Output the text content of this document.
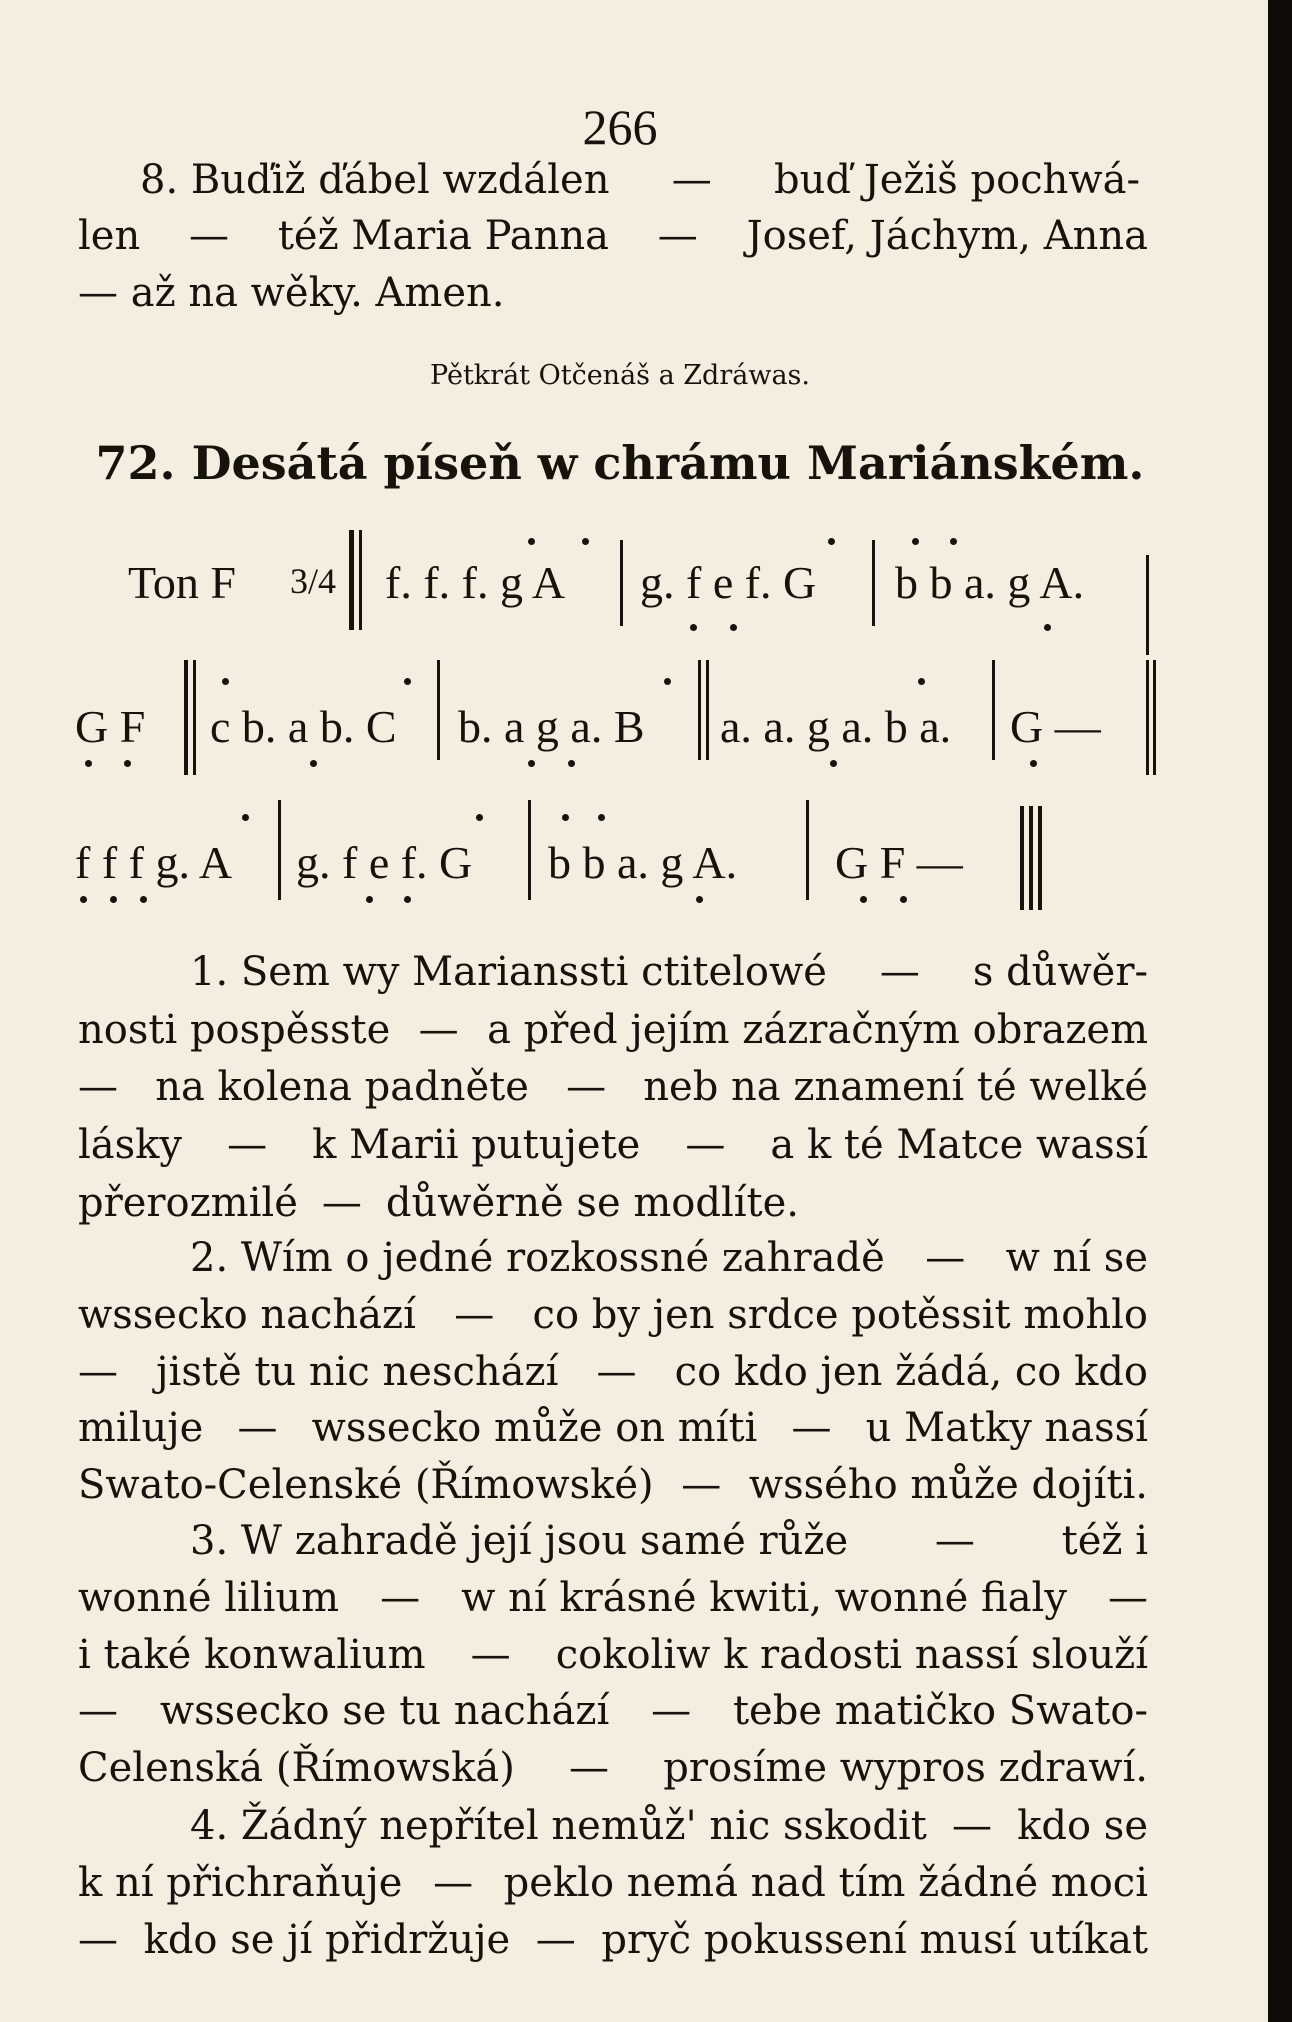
266
8. Buďiž ďábel wzdálen — buď Ježiš pochwá-
len — též Maria Panna — Josef, Jáchym, Anna
— až na wěky. Amen.
Pětkrát Otčenáš a Zdráwas.
72. Desátá píseň w chrámu Mariánském.
Ton F 3/4 f. f. f. g A g. f e f. G b b a. g A.
G F c b. a b. C b. a g a. B a. a. g a. b a. G —
f f f g. A g. f e f. G b b a. g A. G F —
1. Sem wy Marianssti ctitelowé — s důwěr-
nosti pospěsste — a před jejím zázračným obrazem
— na kolena padněte — neb na znamení té welké
lásky — k Marii putujete — a k té Matce wassí
přerozmilé — důwěrně se modlíte.
2. Wím o jedné rozkossné zahradě — w ní se
wssecko nachází — co by jen srdce potěssit mohlo
— jistě tu nic neschází — co kdo jen žádá, co kdo
miluje — wssecko může on míti — u Matky nassí
Swato-Celenské (Římowské) — wssého může dojíti.
3. W zahradě její jsou samé růže — též i
wonné lilium — w ní krásné kwiti, wonné fialy —
i také konwalium — cokoliw k radosti nassí slouží
— wssecko se tu nachází — tebe matičko Swato-
Celenská (Římowská) — prosíme wypros zdrawí.
4. Žádný nepřítel nemůž' nic sskodit — kdo se
k ní přichraňuje — peklo nemá nad tím žádné moci
— kdo se jí přidržuje — pryč pokussení musí utíkat
